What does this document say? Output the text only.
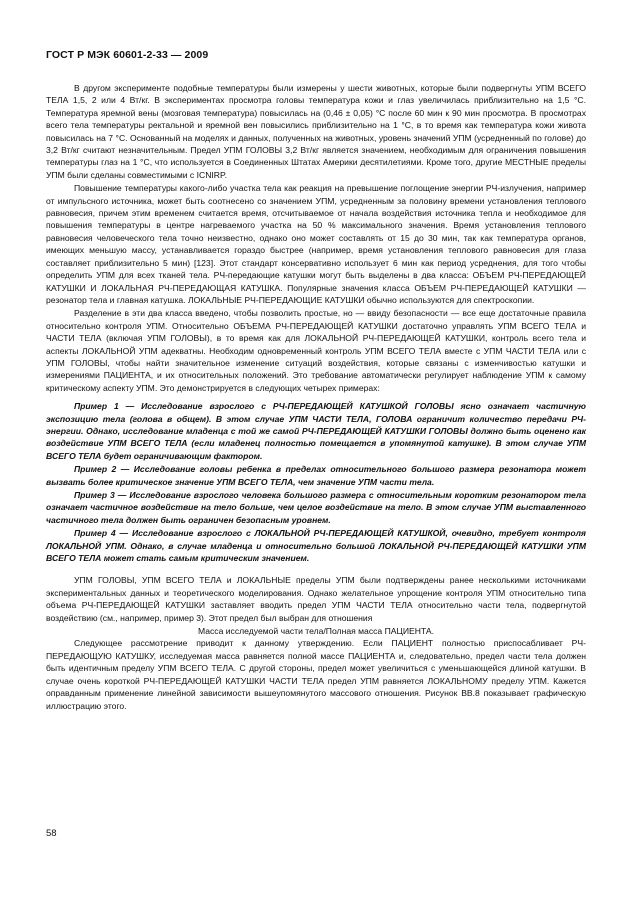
ГОСТ Р МЭК 60601-2-33 — 2009

В другом эксперименте подобные температуры были измерены у шести животных, которые были подвергнуты УПМ ВСЕГО ТЕЛА 1,5, 2 или 4 Вт/кг. В экспериментах просмотра головы температура кожи и глаз увеличилась приблизительно на 1,5 °С. Температура яремной вены (мозговая температура) повысилась на (0,46 ± 0,05) °С после 60 мин к 90 мин просмотра. В просмотрах всего тела температуры ректальной и яремной вен повысились приблизительно на 1 °С, в то время как температура кожи живота повысилась на 7 °С. Основанный на моделях и данных, полученных на животных, уровень значений УПМ (усредненный по голове) до 3,2 Вт/кг считают незначительным. Предел УПМ ГОЛОВЫ 3,2 Вт/кг является значением, необходимым для ограничения повышения температуры глаз на 1 °С, что используется в Соединенных Штатах Америки десятилетиями. Кроме того, другие МЕСТНЫЕ пределы УПМ были сделаны совместимыми с ICNIRP.

Повышение температуры какого-либо участка тела как реакция на превышение поглощение энергии РЧ-излучения, например от импульсного источника, может быть соотнесено со значением УПМ, усредненным за половину времени установления теплового равновесия, причем этим временем считается время, отсчитываемое от начала воздействия источника тепла и необходимое для повышения температуры в центре нагреваемого участка на 50 % максимального значения. Время установления теплового равновесия человеческого тела точно неизвестно, однако оно может составлять от 15 до 30 мин, так как температура органов, имеющих меньшую массу, устанавливается гораздо быстрее (например, время установления теплового равновесия для глаза составляет приблизительно 5 мин) [123]. Этот стандарт консервативно использует 6 мин как период усреднения, для того чтобы определить УПМ для всех тканей тела. РЧ-передающие катушки могут быть выделены в два класса: ОБЪЕМ РЧ-ПЕРЕДАЮЩЕЙ КАТУШКИ И ЛОКАЛЬНАЯ РЧ-ПЕРЕДАЮЩАЯ КАТУШКА. Популярные значения класса ОБЪЕМ РЧ-ПЕРЕДАЮЩЕЙ КАТУШКИ — резонатор тела и главная катушка. ЛОКАЛЬНЫЕ РЧ-ПЕРЕДАЮЩИЕ КАТУШКИ обычно используются для спектроскопии.

Разделение в эти два класса введено, чтобы позволить простые, но — ввиду безопасности — все еще достаточные правила относительно контроля УПМ. Относительно ОБЪЕМА РЧ-ПЕРЕДАЮЩЕЙ КАТУШКИ достаточно управлять УПМ ВСЕГО ТЕЛА и ЧАСТИ ТЕЛА (включая УПМ ГОЛОВЫ), в то время как для ЛОКАЛЬНОЙ РЧ-ПЕРЕДАЮЩЕЙ КАТУШКИ, контроль всего тела и аспекты ЛОКАЛЬНОЙ УПМ адекватны. Необходим одновременный контроль УПМ ВСЕГО ТЕЛА вместе с УПМ ЧАСТИ ТЕЛА или с УПМ ГОЛОВЫ, чтобы найти значительное изменение ситуаций воздействия, которые связаны с изменчивостью катушки и измерениями ПАЦИЕНТА, и их относительных положений. Это требование автоматически регулирует наблюдение УПМ к самому критическому аспекту УПМ. Это демонстрируется в следующих четырех примерах:

Пример 1 — Исследование взрослого с РЧ-ПЕРЕДАЮЩЕЙ КАТУШКОЙ ГОЛОВЫ ясно означает частичную экспозицию тела (голова в общем). В этом случае УПМ ЧАСТИ ТЕЛА, ГОЛОВА ограничит количество передачи РЧ-энергии. Однако, исследование младенца с той же самой РЧ-ПЕРЕДАЮЩЕЙ КАТУШКИ ГОЛОВЫ должно быть оценено как воздействие УПМ ВСЕГО ТЕЛА (если младенец полностью помещается в упомянутой катушке). В этом случае УПМ ВСЕГО ТЕЛА будет ограничивающим фактором.

Пример 2 — Исследование головы ребенка в пределах относительного большого размера резонатора может вызвать более критическое значение УПМ ВСЕГО ТЕЛА, чем значение УПМ части тела.

Пример 3 — Исследование взрослого человека большого размера с относительным коротким резонатором тела означает частичное воздействие на тело больше, чем целое воздействие на тело. В этом случае УПМ выставленного частичного тела должен быть ограничен безопасным уровнем.

Пример 4 — Исследование взрослого с ЛОКАЛЬНОЙ РЧ-ПЕРЕДАЮЩЕЙ КАТУШКОЙ, очевидно, требует контроля ЛОКАЛЬНОЙ УПМ. Однако, в случае младенца и относительно большой ЛОКАЛЬНОЙ РЧ-ПЕРЕДАЮЩЕЙ КАТУШКИ УПМ ВСЕГО ТЕЛА может стать самым критическим значением.

УПМ ГОЛОВЫ, УПМ ВСЕГО ТЕЛА и ЛОКАЛЬНЫЕ пределы УПМ были подтверждены ранее несколькими источниками экспериментальных данных и теоретического моделирования. Однако желательное упрощение контроля УПМ относительно типа объема РЧ-ПЕРЕДАЮЩЕЙ КАТУШКИ заставляет вводить предел УПМ ЧАСТИ ТЕЛА относительно части тела, подвергнутой воздействию (см., например, пример 3). Этот предел был выбран для отношения

Масса исследуемой части тела/Полная масса ПАЦИЕНТА.

Следующее рассмотрение приводит к данному утверждению. Если ПАЦИЕНТ полностью приспосабливает РЧ-ПЕРЕДАЮЩУЮ КАТУШКУ, исследуемая масса равняется полной массе ПАЦИЕНТА и, следовательно, предел части тела должен быть идентичным пределу УПМ ВСЕГО ТЕЛА. С другой стороны, предел может увеличиться с уменьшающейся длиной катушки. В случае очень короткой РЧ-ПЕРЕДАЮЩЕЙ КАТУШКИ ЧАСТИ ТЕЛА предел УПМ равняется ЛОКАЛЬНОМУ пределу УПМ. Кажется оправданным применение линейной зависимости вышеупомянутого массового отношения. Рисунок ВВ.8 показывает графическую иллюстрацию этого.

58
